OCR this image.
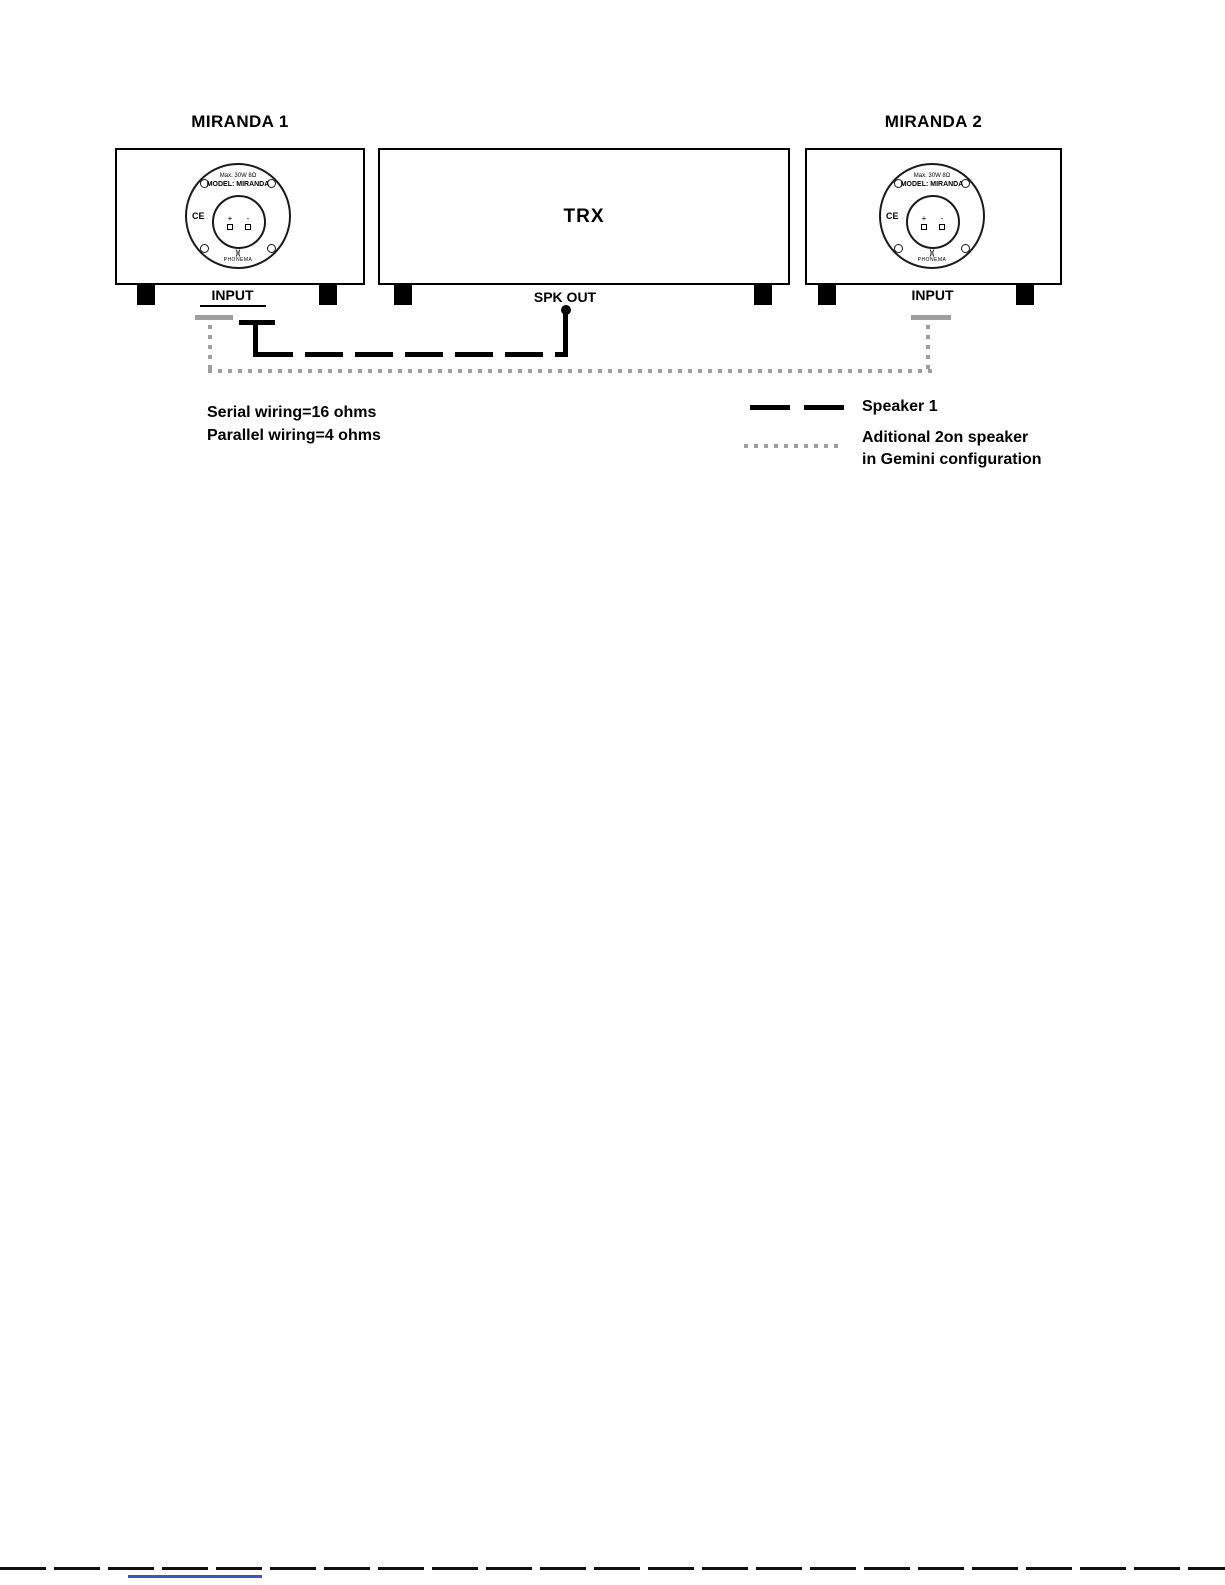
MIRANDA 1	MIRANDA 2
TRX
Max. 30W 8Ω
MODEL: MIRANDA
CE	+ -
)(
PHONEMA
Max. 30W 8Ω
MODEL: MIRANDA
CE	+ -
)(
PHONEMA
INPUT	SPK OUT	INPUT
Serial wiring=16 ohms
Parallel wiring=4 ohms
Speaker 1
Aditional 2on speaker
in Gemini configuration
